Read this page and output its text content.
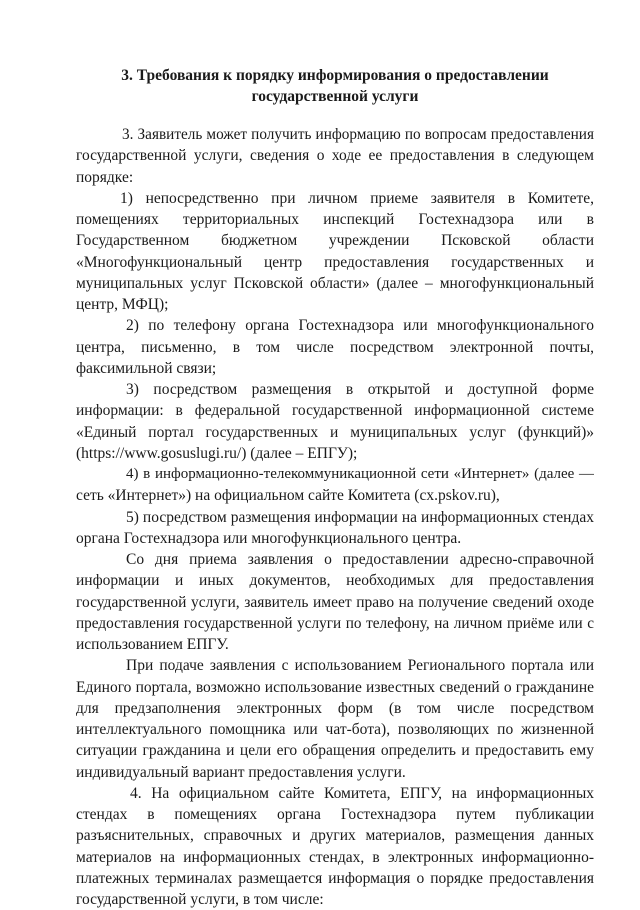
3. Требования к порядку информирования о предоставлении

государственной услуги

3. Заявитель может получить информацию по вопросам предоставления
государственной услуги, сведения о ходе ее предоставления в следующем
порядке:
1) непосредственно при личном приеме заявителя в Комитете,
помещениях территориальных инспекций Гостехнадзора или в
Государственном бюджетном учреждении Псковской области
«Многофункциональный центр предоставления государственных и
муниципальных услуг Псковской области» (далее – многофункциональный
центр, МФЦ);
2) по телефону органа Гостехнадзора или многофункционального
центра, письменно, в том числе посредством электронной почты,
факсимильной связи;
3) посредством размещения в открытой и доступной форме
информации: в федеральной государственной информационной системе
«Единый портал государственных и муниципальных услуг (функций)»
(https://www.gosuslugi.ru/) (далее – ЕПГУ);
4) в информационно-телекоммуникационной сети «Интернет» (далее —
сеть «Интернет») на официальном сайте Комитета (cx.pskov.ru),
5) посредством размещения информации на информационных стендах
органа Гостехнадзора или многофункционального центра.
Со дня приема заявления о предоставлении адресно-справочной
информации и иных документов, необходимых для предоставления
государственной услуги, заявитель имеет право на получение сведений оходе
предоставления государственной услуги по телефону, на личном приёме или с
использованием ЕПГУ.
При подаче заявления с использованием Регионального портала или
Единого портала, возможно использование известных сведений о гражданине
для предзаполнения электронных форм (в том числе посредством
интеллектуального помощника или чат-бота), позволяющих по жизненной
ситуации гражданина и цели его обращения определить и предоставить ему
индивидуальный вариант предоставления услуги.
4. На официальном сайте Комитета, ЕПГУ, на информационных
стендах в помещениях органа Гостехнадзора путем публикации
разъяснительных, справочных и других материалов, размещения данных
материалов на информационных стендах, в электронных информационно-
платежных терминалах размещается информация о порядке предоставления
государственной услуги, в том числе:
